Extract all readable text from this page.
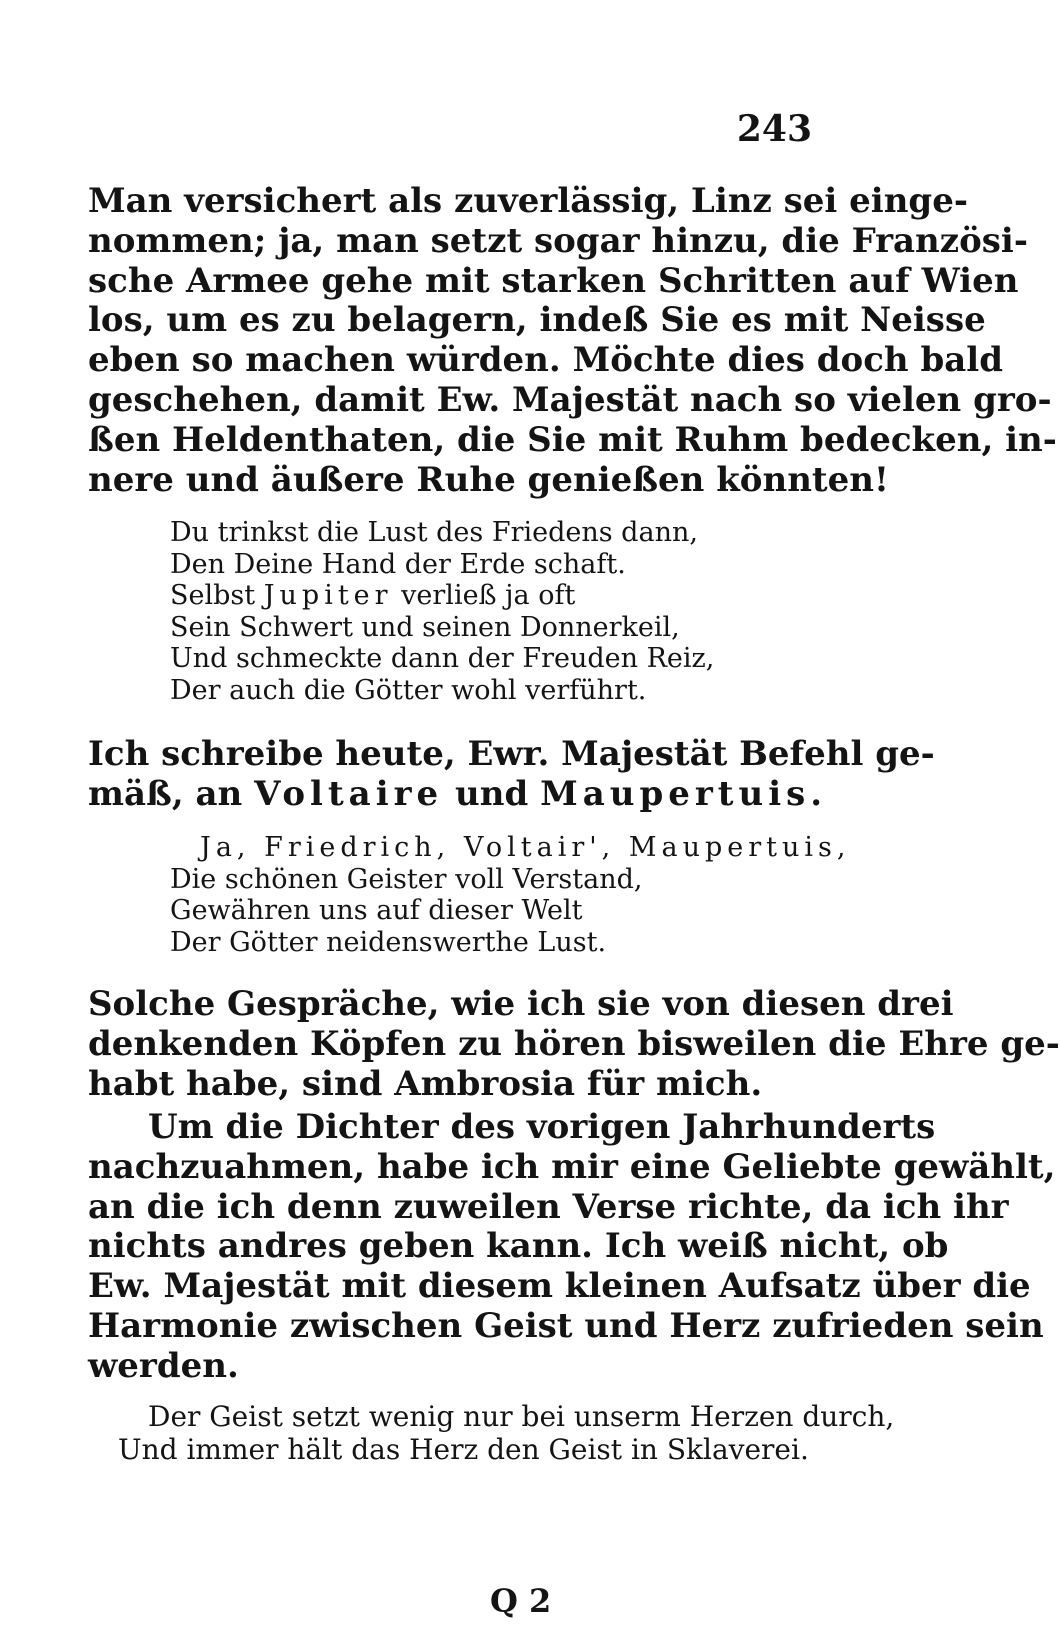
243
Man versichert als zuverlässig, Linz sei einge-
nommen; ja, man setzt sogar hinzu, die Französi-
sche Armee gehe mit starken Schritten auf Wien
los, um es zu belagern, indeß Sie es mit Neisse
eben so machen würden. Möchte dies doch bald
geschehen, damit Ew. Majestät nach so vielen gro-
ßen Heldenthaten, die Sie mit Ruhm bedecken, in-
nere und äußere Ruhe genießen könnten!
Du trinkst die Lust des Friedens dann,
Den Deine Hand der Erde schaft.
Selbst Jupiter verließ ja oft
Sein Schwert und seinen Donnerkeil,
Und schmeckte dann der Freuden Reiz,
Der auch die Götter wohl verführt.
Ich schreibe heute, Ewr. Majestät Befehl ge-
mäß, an Voltaire und Maupertuis.
Ja, Friedrich, Voltair', Maupertuis,
Die schönen Geister voll Verstand,
Gewähren uns auf dieser Welt
Der Götter neidenswerthe Lust.
Solche Gespräche, wie ich sie von diesen drei
denkenden Köpfen zu hören bisweilen die Ehre ge-
habt habe, sind Ambrosia für mich.
Um die Dichter des vorigen Jahrhunderts
nachzuahmen, habe ich mir eine Geliebte gewählt,
an die ich denn zuweilen Verse richte, da ich ihr
nichts andres geben kann. Ich weiß nicht, ob
Ew. Majestät mit diesem kleinen Aufsatz über die
Harmonie zwischen Geist und Herz zufrieden sein
werden.
Der Geist setzt wenig nur bei unserm Herzen durch,
Und immer hält das Herz den Geist in Sklaverei.
Q 2
